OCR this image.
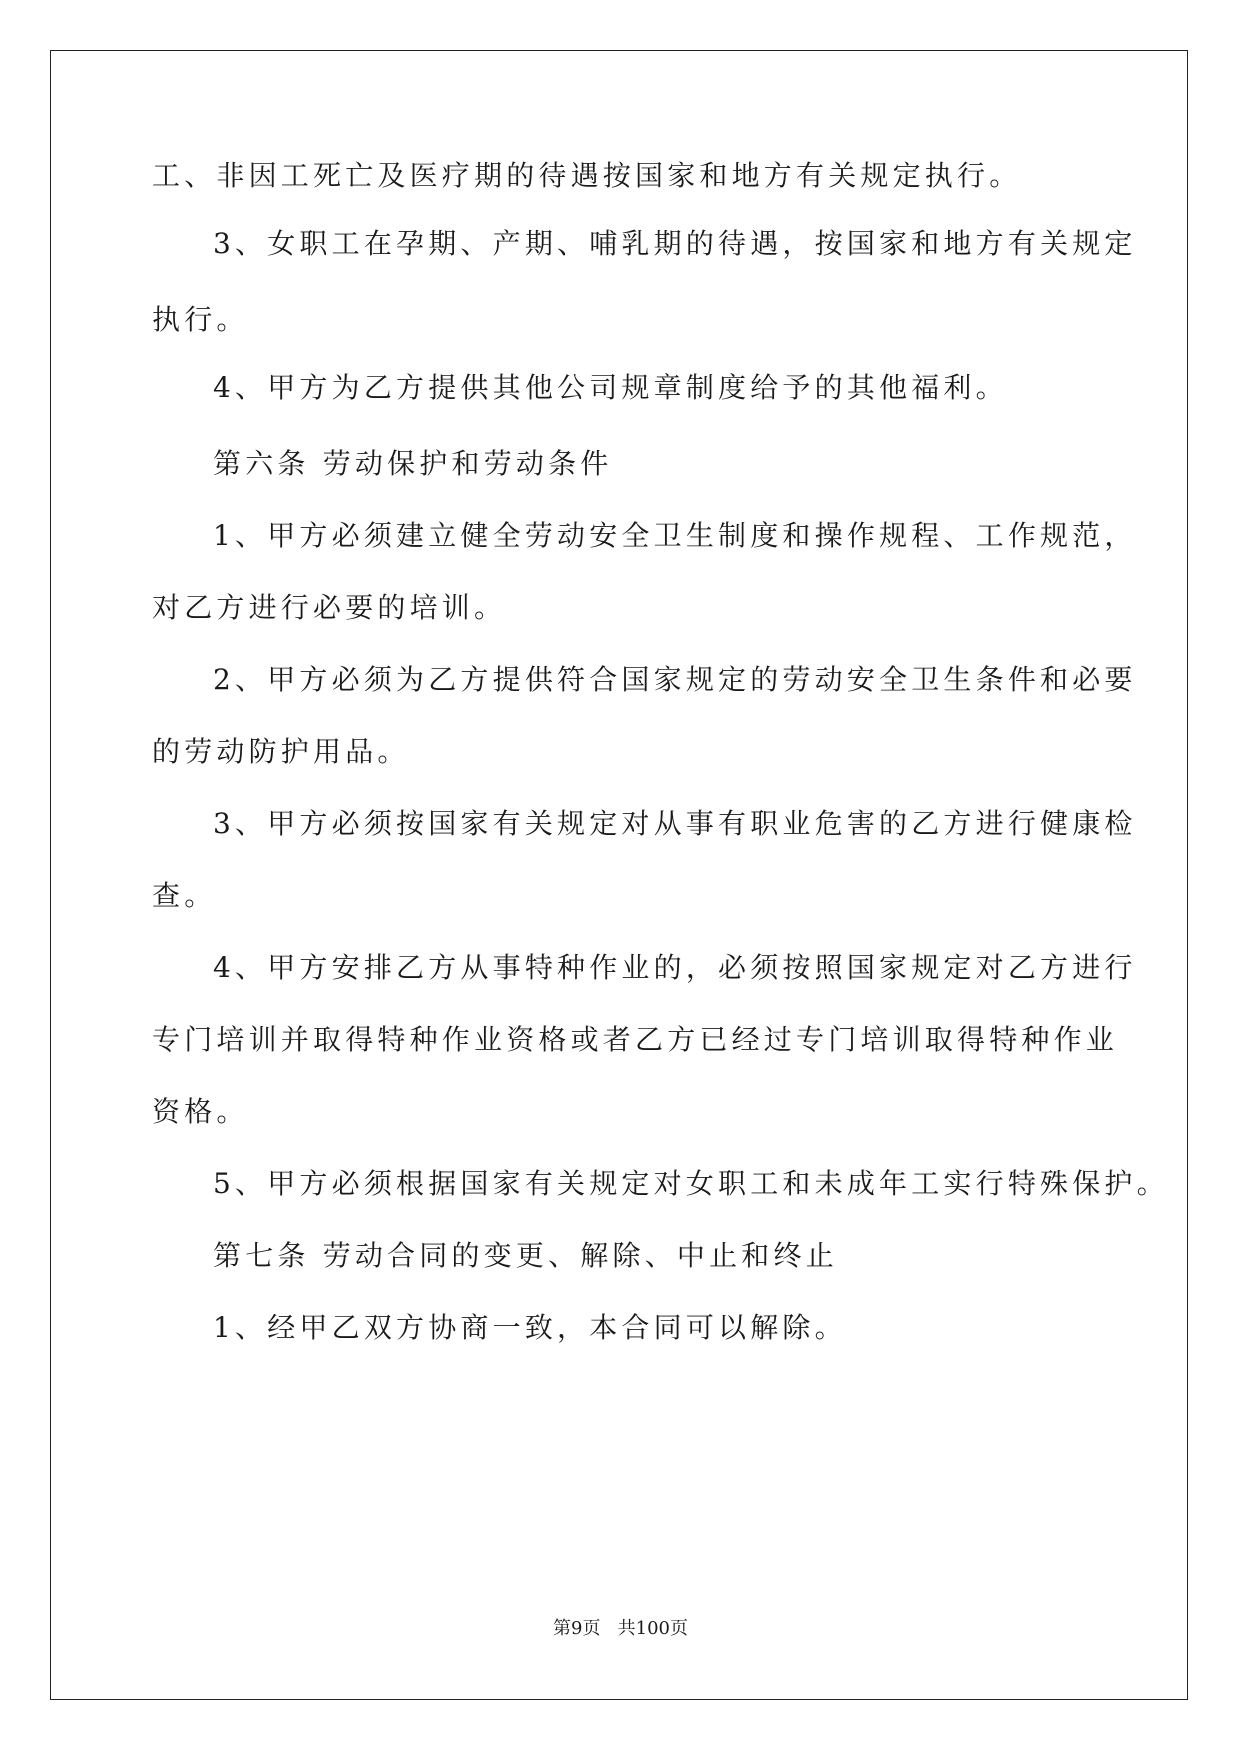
工、非因工死亡及医疗期的待遇按国家和地方有关规定执行。
3、女职工在孕期、产期、哺乳期的待遇，按国家和地方有关规定
执行。
4、甲方为乙方提供其他公司规章制度给予的其他福利。
第六条 劳动保护和劳动条件
1、甲方必须建立健全劳动安全卫生制度和操作规程、工作规范，
对乙方进行必要的培训。
2、甲方必须为乙方提供符合国家规定的劳动安全卫生条件和必要
的劳动防护用品。
3、甲方必须按国家有关规定对从事有职业危害的乙方进行健康检
查。
4、甲方安排乙方从事特种作业的，必须按照国家规定对乙方进行
专门培训并取得特种作业资格或者乙方已经过专门培训取得特种作业
资格。
5、甲方必须根据国家有关规定对女职工和未成年工实行特殊保护。
第七条 劳动合同的变更、解除、中止和终止
1、经甲乙双方协商一致，本合同可以解除。
第9页   共100页
